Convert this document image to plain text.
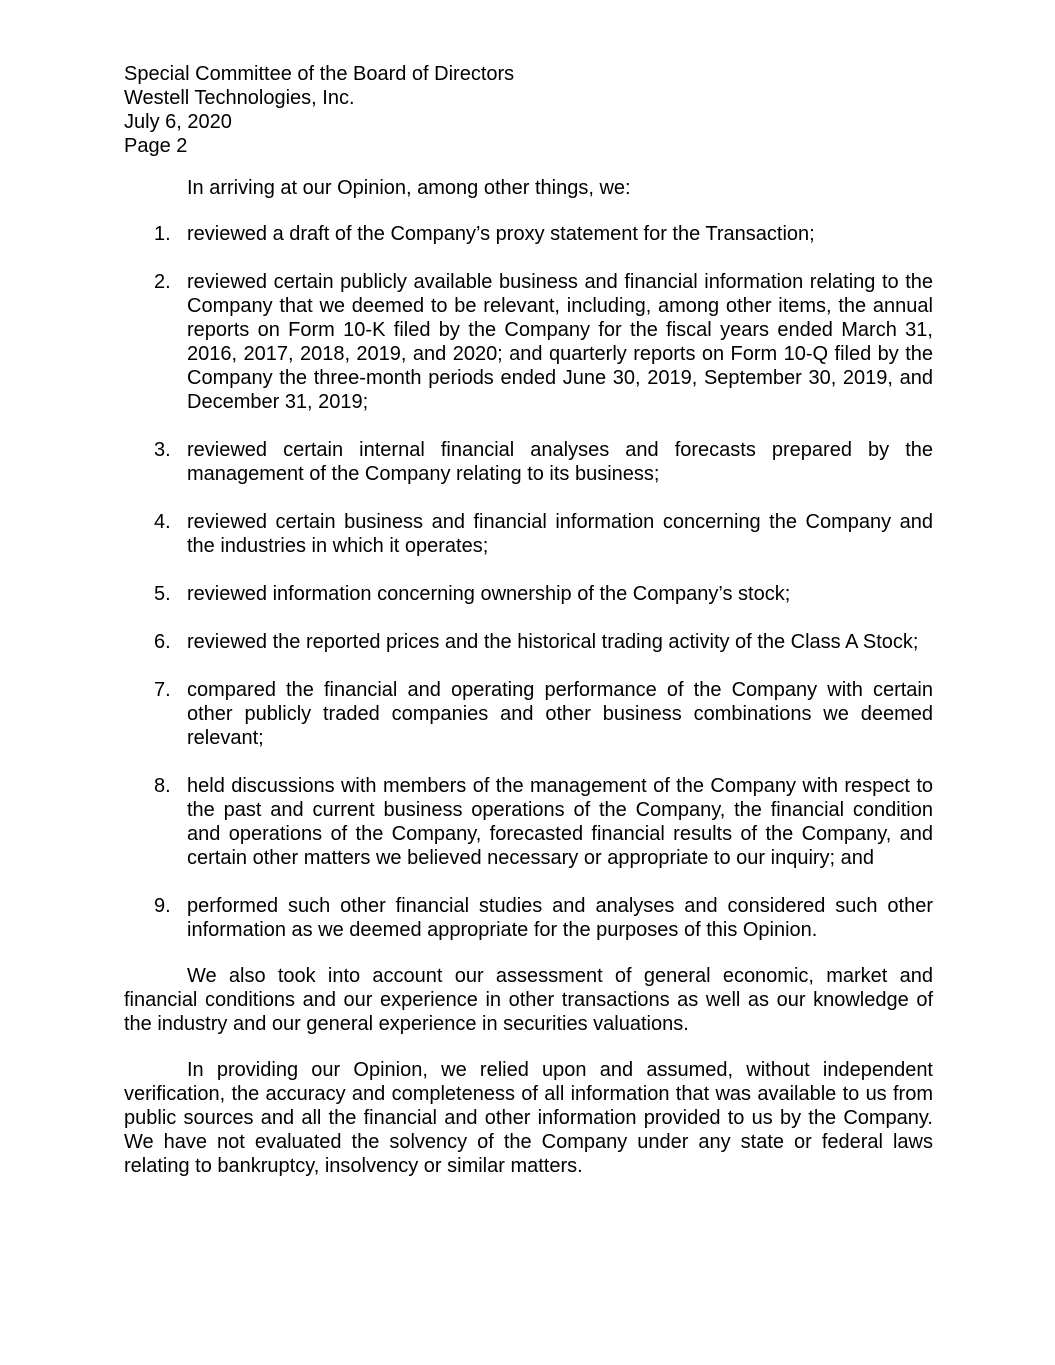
Special Committee of the Board of Directors
Westell Technologies, Inc.
July 6, 2020
Page 2

In arriving at our Opinion, among other things, we:

1. reviewed a draft of the Company’s proxy statement for the Transaction;
2. reviewed certain publicly available business and financial information relating to the Company that we deemed to be relevant, including, among other items, the annual reports on Form 10-K filed by the Company for the fiscal years ended March 31, 2016, 2017, 2018, 2019, and 2020; and quarterly reports on Form 10-Q filed by the Company the three-month periods ended June 30, 2019, September 30, 2019, and December 31, 2019;
3. reviewed certain internal financial analyses and forecasts prepared by the management of the Company relating to its business;
4. reviewed certain business and financial information concerning the Company and the industries in which it operates;
5. reviewed information concerning ownership of the Company’s stock;
6. reviewed the reported prices and the historical trading activity of the Class A Stock;
7. compared the financial and operating performance of the Company with certain other publicly traded companies and other business combinations we deemed relevant;
8. held discussions with members of the management of the Company with respect to the past and current business operations of the Company, the financial condition and operations of the Company, forecasted financial results of the Company, and certain other matters we believed necessary or appropriate to our inquiry; and
9. performed such other financial studies and analyses and considered such other information as we deemed appropriate for the purposes of this Opinion.

We also took into account our assessment of general economic, market and financial conditions and our experience in other transactions as well as our knowledge of the industry and our general experience in securities valuations.

In providing our Opinion, we relied upon and assumed, without independent verification, the accuracy and completeness of all information that was available to us from public sources and all the financial and other information provided to us by the Company. We have not evaluated the solvency of the Company under any state or federal laws relating to bankruptcy, insolvency or similar matters.
